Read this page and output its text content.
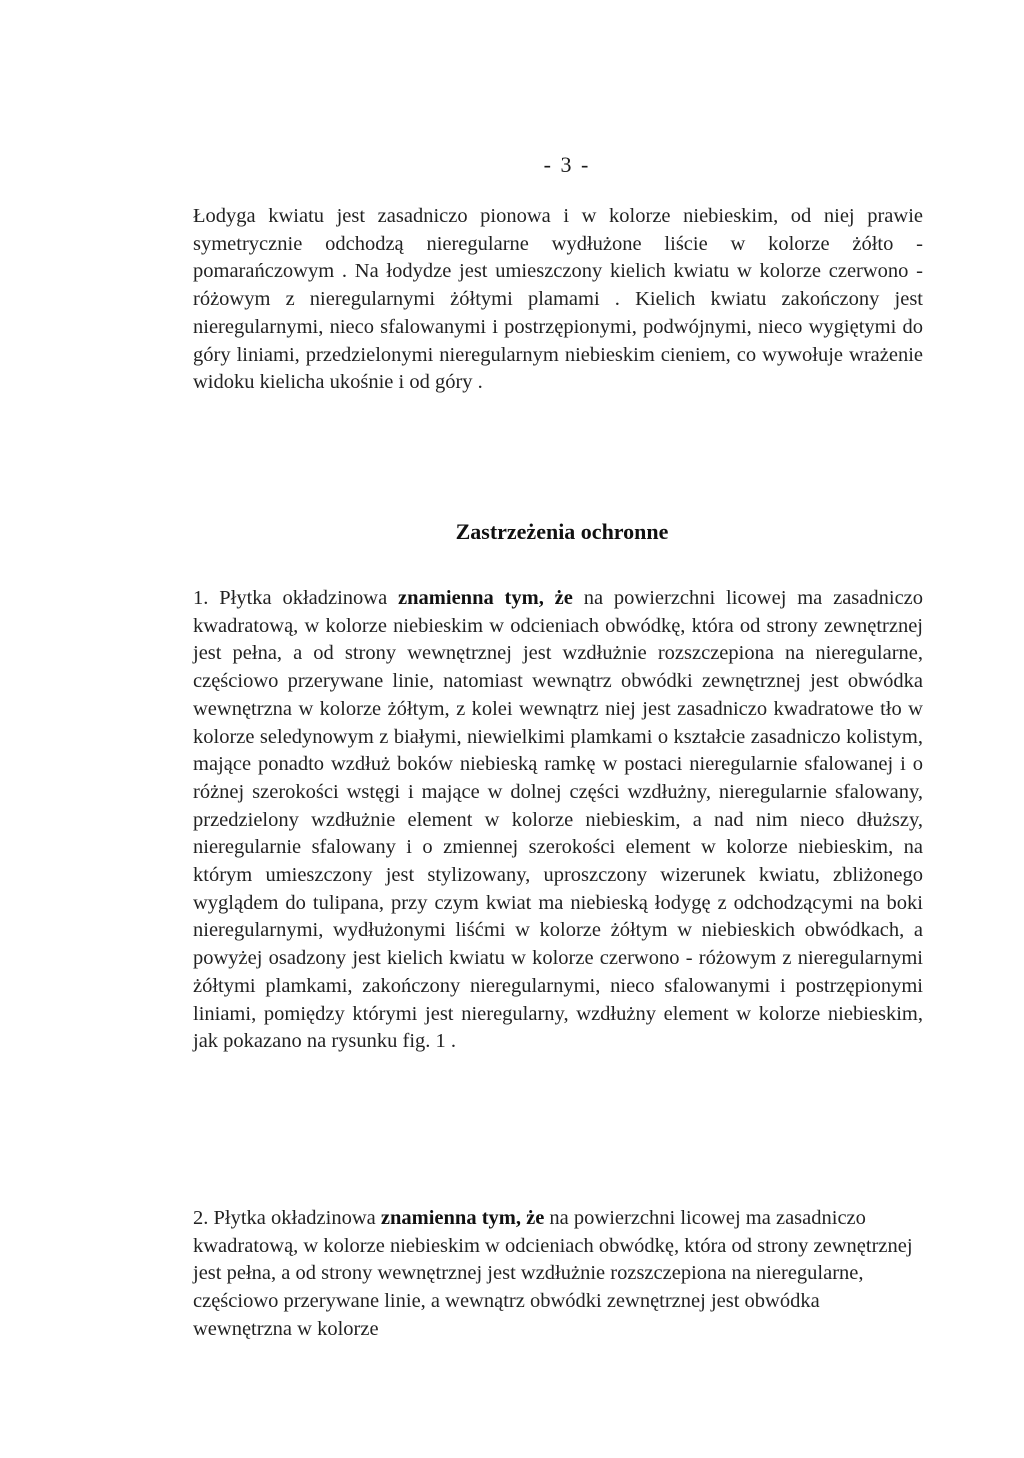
- 3 -

Łodyga kwiatu jest zasadniczo pionowa i w kolorze niebieskim, od niej prawie symetrycznie odchodzą nieregularne wydłużone liście w kolorze żółto - pomarańczowym . Na łodydze jest umieszczony kielich kwiatu w kolorze czerwono - różowym z nieregularnymi żółtymi plamami . Kielich kwiatu zakończony jest nieregularnymi, nieco sfalowanymi i postrzępionymi, podwójnymi, nieco wygiętymi do góry liniami, przedzielonymi nieregularnym niebieskim cieniem, co wywołuje wrażenie widoku kielicha ukośnie i od góry .

Zastrzeżenia ochronne

1. Płytka okładzinowa znamienna tym, że na powierzchni licowej ma zasadniczo kwadratową, w kolorze niebieskim w odcieniach obwódkę, która od strony zewnętrznej jest pełna, a od strony wewnętrznej jest wzdłużnie rozszczepiona na nieregularne, częściowo przerywane linie, natomiast wewnątrz obwódki zewnętrznej jest obwódka wewnętrzna w kolorze żółtym, z kolei wewnątrz niej jest zasadniczo kwadratowe tło w kolorze seledynowym z białymi, niewielkimi plamkami o kształcie zasadniczo kolistym, mające ponadto wzdłuż boków niebieską ramkę w postaci nieregularnie sfalowanej i o różnej szerokości wstęgi i mające w dolnej części wzdłużny, nieregularnie sfalowany, przedzielony wzdłużnie element w kolorze niebieskim, a nad nim nieco dłuższy, nieregularnie sfalowany i o zmiennej szerokości element w kolorze niebieskim, na którym umieszczony jest stylizowany, uproszczony wizerunek kwiatu, zbliżonego wyglądem do tulipana, przy czym kwiat ma niebieską łodygę z odchodzącymi na boki nieregularnymi, wydłużonymi liśćmi w kolorze żółtym w niebieskich obwódkach, a powyżej osadzony jest kielich kwiatu w kolorze czerwono - różowym z nieregularnymi żółtymi plamkami, zakończony nieregularnymi, nieco sfalowanymi i postrzępionymi liniami, pomiędzy którymi jest nieregularny, wzdłużny element w kolorze niebieskim, jak pokazano na rysunku fig. 1 .

2. Płytka okładzinowa znamienna tym, że na powierzchni licowej ma zasadniczo kwadratową, w kolorze niebieskim w odcieniach obwódkę, która od strony zewnętrznej jest pełna, a od strony wewnętrznej jest wzdłużnie rozszczepiona na nieregularne, częściowo przerywane linie, a wewnątrz obwódki zewnętrznej jest obwódka wewnętrzna w kolorze
